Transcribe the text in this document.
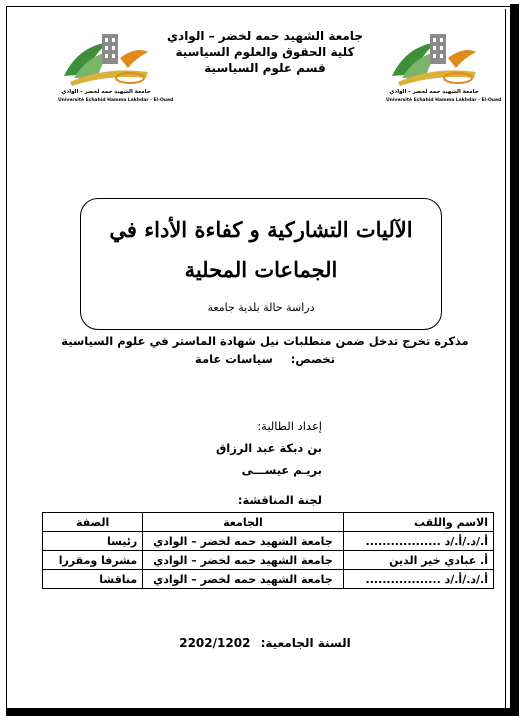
جامعة الشهيد حمه لخضر - الوادي
Université Echahid Hamma Lakhdar - El-Oued
جامعة الشهيد حمه لخضر - الوادي
Université Echahid Hamma Lakhdar - El-Oued
جامعة الشهيد حمه لخضر – الوادي
كلية الحقوق والعلوم السياسية
قسم علوم السياسية
الآليات التشاركية و كفاءة الأداء في
الجماعات المحلية
دراسة حالة بلدية جامعة
مذكرة تخرج تدخل ضمن متطلبات نيل شهادة الماستر في علوم السياسية
تخصص: سياسات عامة
إعداد الطالبة:
بن دبكة عبد الرزاق
بريـم عيســـى
لجنة المناقشة:
الاسم واللقب	الجامعة	الصفة
أ./د./أ./د ..................	جامعة الشهيد حمه لخضر – الوادي	رئيسا
أ. عبادي خير الدين	جامعة الشهيد حمه لخضر – الوادي	مشرفا ومقررا
أ./د./أ./د ..................	جامعة الشهيد حمه لخضر – الوادي	مناقشا
السنة الجامعية: 2202/1202
